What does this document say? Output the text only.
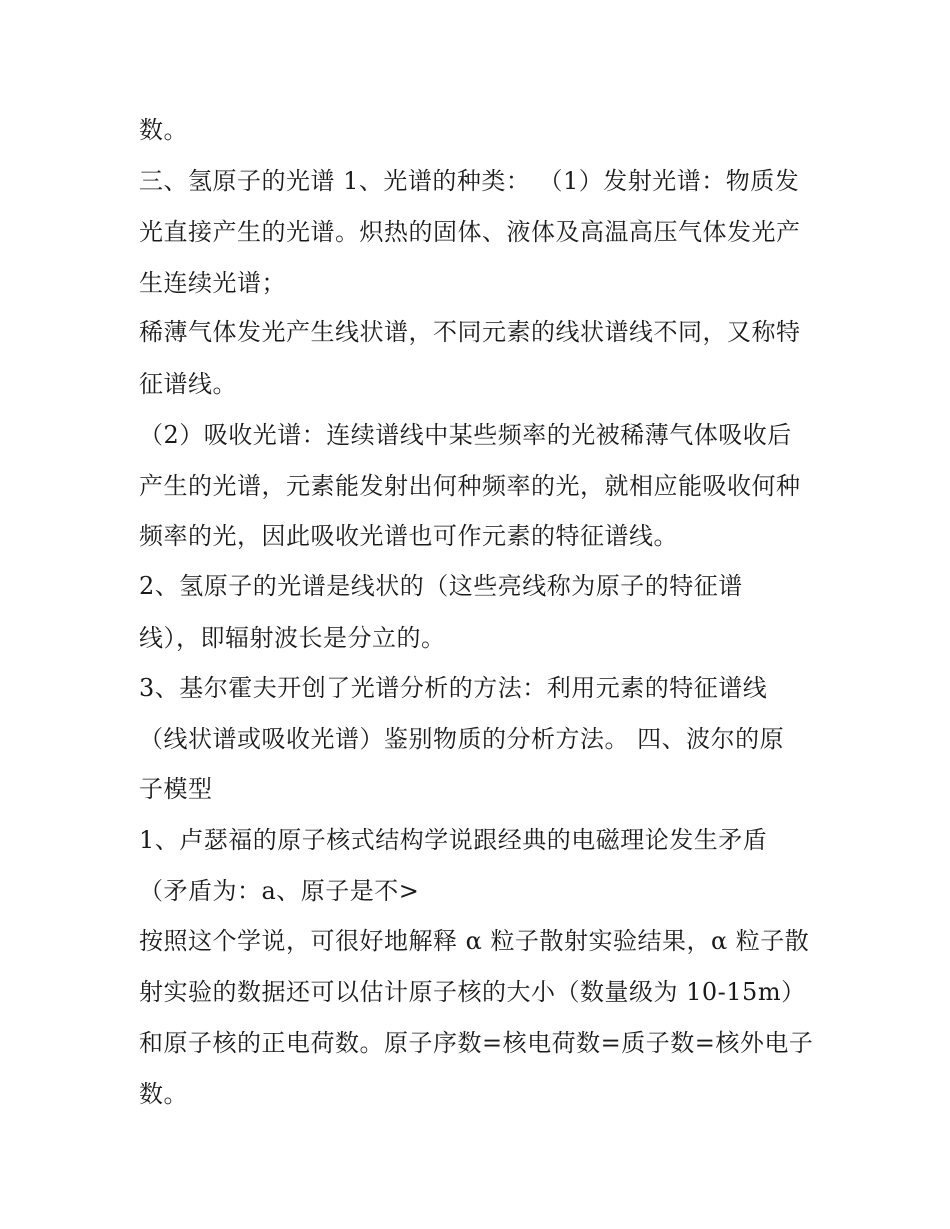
数。
三、氢原子的光谱 1、光谱的种类： （1）发射光谱：物质发
光直接产生的光谱。炽热的固体、液体及高温高压气体发光产
生连续光谱；
稀薄气体发光产生线状谱，不同元素的线状谱线不同，又称特
征谱线。
（2）吸收光谱：连续谱线中某些频率的光被稀薄气体吸收后
产生的光谱，元素能发射出何种频率的光，就相应能吸收何种
频率的光，因此吸收光谱也可作元素的特征谱线。
2、氢原子的光谱是线状的（这些亮线称为原子的特征谱
线），即辐射波长是分立的。
3、基尔霍夫开创了光谱分析的方法：利用元素的特征谱线
（线状谱或吸收光谱）鉴别物质的分析方法。 四、波尔的原
子模型
1、卢瑟福的原子核式结构学说跟经典的电磁理论发生矛盾
（矛盾为：a、原子是不>
按照这个学说，可很好地解释 α 粒子散射实验结果，α 粒子散
射实验的数据还可以估计原子核的大小（数量级为 10-15m）
和原子核的正电荷数。原子序数=核电荷数=质子数=核外电子
数。
